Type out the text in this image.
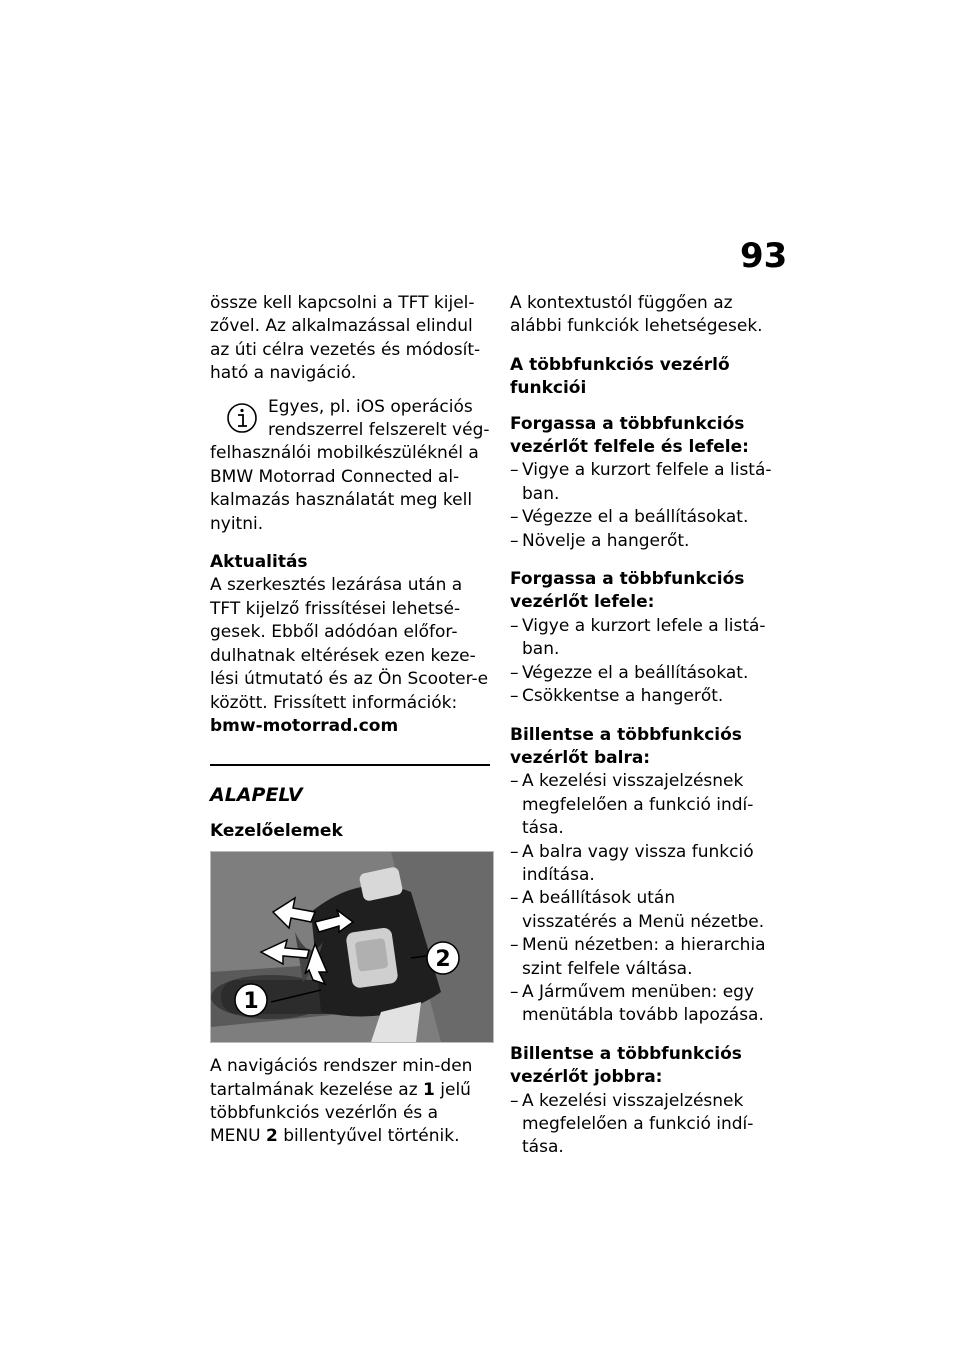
93

össze kell kapcsolni a TFT kijel-zővel. Az alkalmazással elindul az úti célra vezetés és módosít-ható a navigáció.

Egyes, pl. iOS operációs rendszerrel felszerelt vég-

felhasználói mobilkészüléknél a BMW Motorrad Connected al-kalmazás használatát meg kell nyitni.

Aktualitás

A szerkesztés lezárása után a TFT kijelző frissítései lehetsé-gesek. Ebből adódóan előfor-dulhatnak eltérések ezen keze-lési útmutató és az Ön Scooter-e között. Frissített információk:

bmw-motorrad.com

ALAPELV

Kezelőelemek

1
2

A navigációs rendszer min-den tartalmának kezelése az 1 jelű többfunkciós vezérlőn és a MENU 2 billentyűvel történik.

A kontextustól függően az alábbi funkciók lehetségesek.

A többfunkciós vezérlő funkciói

Forgassa a többfunkciós vezérlőt felfele és lefele:

– Vigye a kurzort felfele a listá-ban.
– Végezze el a beállításokat.
– Növelje a hangerőt.

Forgassa a többfunkciós vezérlőt lefele:

– Vigye a kurzort lefele a listá-ban.
– Végezze el a beállításokat.
– Csökkentse a hangerőt.

Billentse a többfunkciós vezérlőt balra:

– A kezelési visszajelzésnek megfelelően a funkció indí-tása.
– A balra vagy vissza funkció indítása.
– A beállítások után visszatérés a Menü nézetbe.
– Menü nézetben: a hierarchia szint felfele váltása.
– A Járművem menüben: egy menütábla tovább lapozása.

Billentse a többfunkciós vezérlőt jobbra:

– A kezelési visszajelzésnek megfelelően a funkció indí-tása.
